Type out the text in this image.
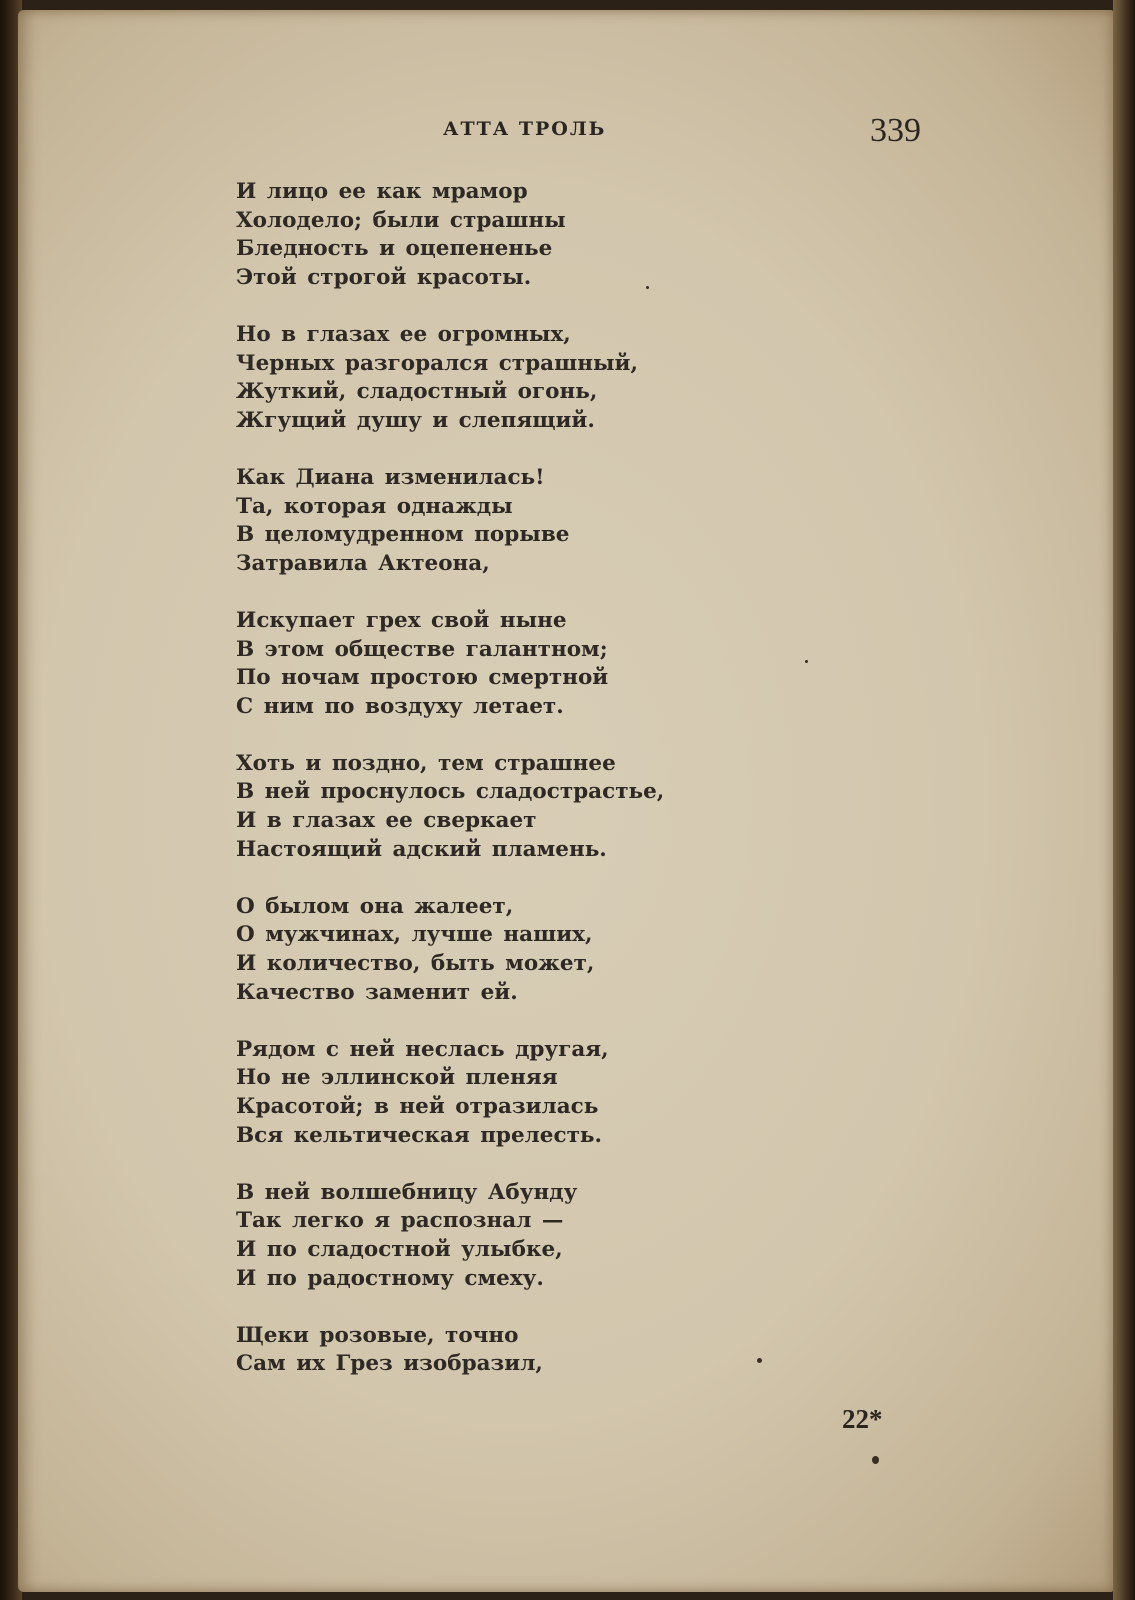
АТТА ТРОЛЬ	339
И лицо ее как мрамор
Холодело; были страшны
Бледность и оцепененье
Этой строгой красоты.
Но в глазах ее огромных,
Черных разгорался страшный,
Жуткий, сладостный огонь,
Жгущий душу и слепящий.
Как Диана изменилась!
Та, которая однажды
В целомудренном порыве
Затравила Актеона,
Искупает грех свой ныне
В этом обществе галантном;
По ночам простою смертной
С ним по воздуху летает.
Хоть и поздно, тем страшнее
В ней проснулось сладострастье,
И в глазах ее сверкает
Настоящий адский пламень.
О былом она жалеет,
О мужчинах, лучше наших,
И количество, быть может,
Качество заменит ей.
Рядом с ней неслась другая,
Но не эллинской пленяя
Красотой; в ней отразилась
Вся кельтическая прелесть.
В ней волшебницу Абунду
Так легко я распознал —
И по сладостной улыбке,
И по радостному смеху.
Щеки розовые, точно
Сам их Грез изобразил,
22*
